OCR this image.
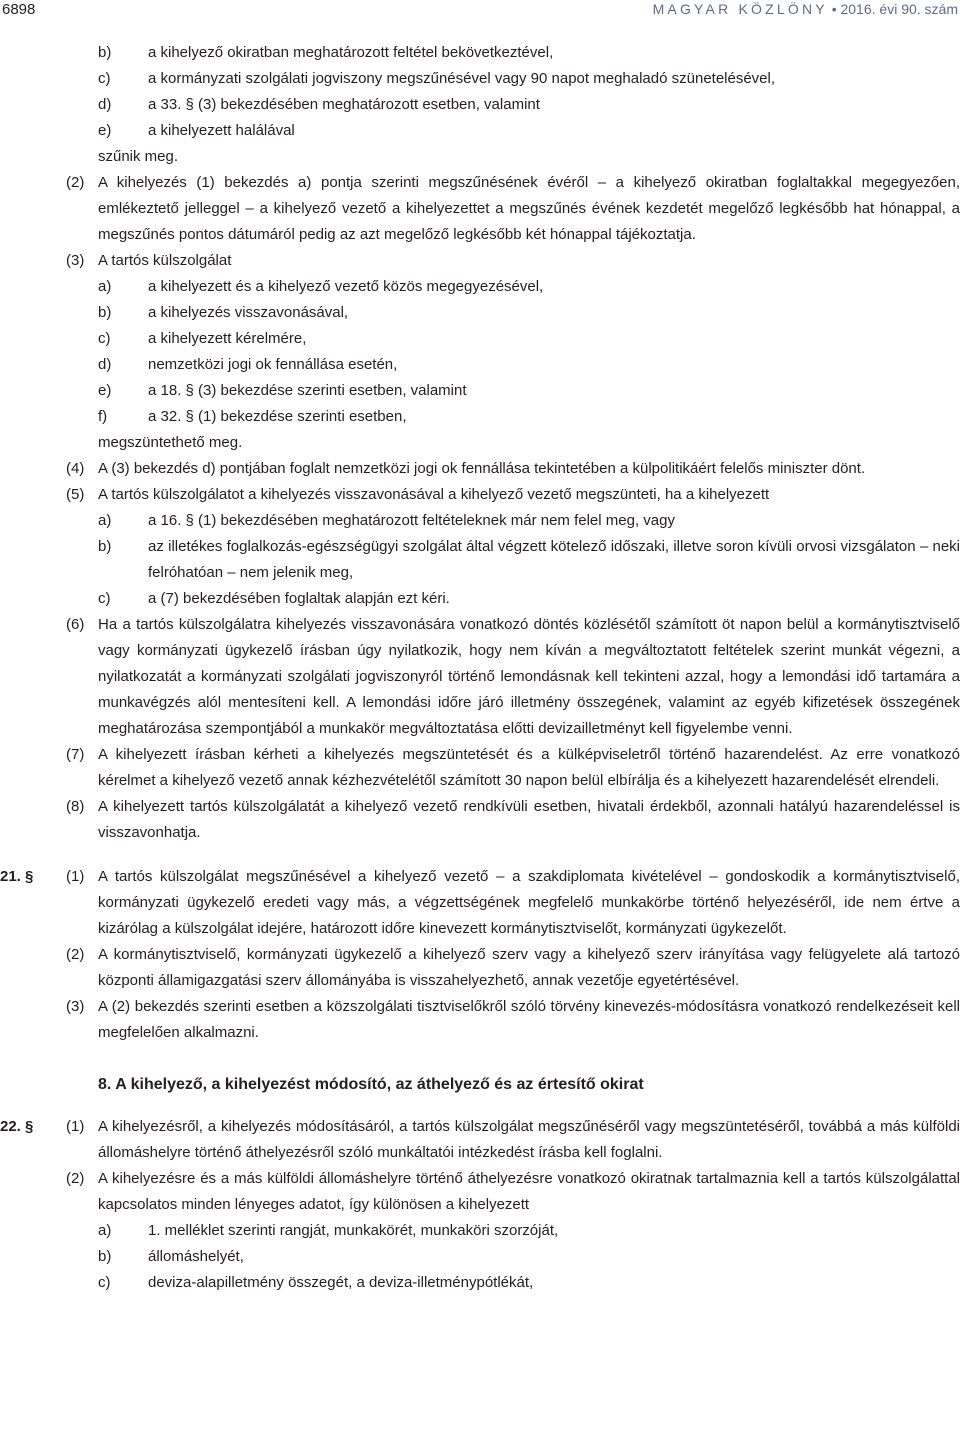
6898	MAGYAR KÖZLÖNY • 2016. évi 90. szám
b) a kihelyező okiratban meghatározott feltétel bekövetkeztével,
c)	a kormányzati szolgálati jogviszony megszűnésével vagy 90 napot meghaladó szünetelésével,
d) a 33. § (3) bekezdésében meghatározott esetben, valamint
e) a kihelyezett halálával
szűnik meg.
(2) A kihelyezés (1) bekezdés a) pontja szerinti megszűnésének évéről – a kihelyező okiratban foglaltakkal megegyezően, emlékeztető jelleggel – a kihelyező vezető a kihelyezettet a megszűnés évének kezdetét megelőző legkésőbb hat hónappal, a megszűnés pontos dátumáról pedig az azt megelőző legkésőbb két hónappal tájékoztatja.
(3) A tartós külszolgálat
a) a kihelyezett és a kihelyező vezető közös megegyezésével,
b) a kihelyezés visszavonásával,
c)	a kihelyezett kérelmére,
d) nemzetközi jogi ok fennállása esetén,
e) a 18. § (3) bekezdése szerinti esetben, valamint
f)	a 32. § (1) bekezdése szerinti esetben,
megszüntethető meg.
(4) A (3) bekezdés d) pontjában foglalt nemzetközi jogi ok fennállása tekintetében a külpolitikáért felelős miniszter dönt.
(5) A tartós külszolgálatot a kihelyezés visszavonásával a kihelyező vezető megszünteti, ha a kihelyezett
a) a 16. § (1) bekezdésében meghatározott feltételeknek már nem felel meg, vagy
b) az illetékes foglalkozás-egészségügyi szolgálat által végzett kötelező időszaki, illetve soron kívüli orvosi vizsgálaton – neki felróhatóan – nem jelenik meg,
c)	a (7) bekezdésében foglaltak alapján ezt kéri.
(6) Ha a tartós külszolgálatra kihelyezés visszavonására vonatkozó döntés közlésétől számított öt napon belül a kormánytisztviselő vagy kormányzati ügykezelő írásban úgy nyilatkozik, hogy nem kíván a megváltoztatott feltételek szerint munkát végezni, a nyilatkozatát a kormányzati szolgálati jogviszonyról történő lemondásnak kell tekinteni azzal, hogy a lemondási idő tartamára a munkavégzés alól mentesíteni kell. A lemondási időre járó illetmény összegének, valamint az egyéb kifizetések összegének meghatározása szempontjából a munkakör megváltoztatása előtti devizailletményt kell figyelembe venni.
(7) A kihelyezett írásban kérheti a kihelyezés megszüntetését és a külképviseletről történő hazarendelést. Az erre vonatkozó kérelmet a kihelyező vezető annak kézhezvételétől számított 30 napon belül elbírálja és a kihelyezett hazarendelését elrendeli.
(8) A kihelyezett tartós külszolgálatát a kihelyező vezető rendkívüli esetben, hivatali érdekből, azonnali hatályú hazarendeléssel is visszavonhatja.
21. § (1) A tartós külszolgálat megszűnésével a kihelyező vezető – a szakdiplomata kivételével – gondoskodik a kormánytisztviselő, kormányzati ügykezelő eredeti vagy más, a végzettségének megfelelő munkakörbe történő helyezéséről, ide nem értve a kizárólag a külszolgálat idejére, határozott időre kinevezett kormánytisztviselőt, kormányzati ügykezelőt.
(2) A kormánytisztviselő, kormányzati ügykezelő a kihelyező szerv vagy a kihelyező szerv irányítása vagy felügyelete alá tartozó központi államigazgatási szerv állományába is visszahelyezhető, annak vezetője egyetértésével.
(3) A (2) bekezdés szerinti esetben a közszolgálati tisztviselőkről szóló törvény kinevezés-módosításra vonatkozó rendelkezéseit kell megfelelően alkalmazni.
8. A kihelyező, a kihelyezést módosító, az áthelyező és az értesítő okirat
22. § (1) A kihelyezésről, a kihelyezés módosításáról, a tartós külszolgálat megszűnéséről vagy megszüntetéséről, továbbá a más külföldi állomáshelyre történő áthelyezésről szóló munkáltatói intézkedést írásba kell foglalni.
(2) A kihelyezésre és a más külföldi állomáshelyre történő áthelyezésre vonatkozó okiratnak tartalmaznia kell a tartós külszolgálattal kapcsolatos minden lényeges adatot, így különösen a kihelyezett
a) 1. melléklet szerinti rangját, munkakörét, munkaköri szorzóját,
b) állomáshelyét,
c)	deviza-alapilletmény összegét, a deviza-illetménypótlékát,
